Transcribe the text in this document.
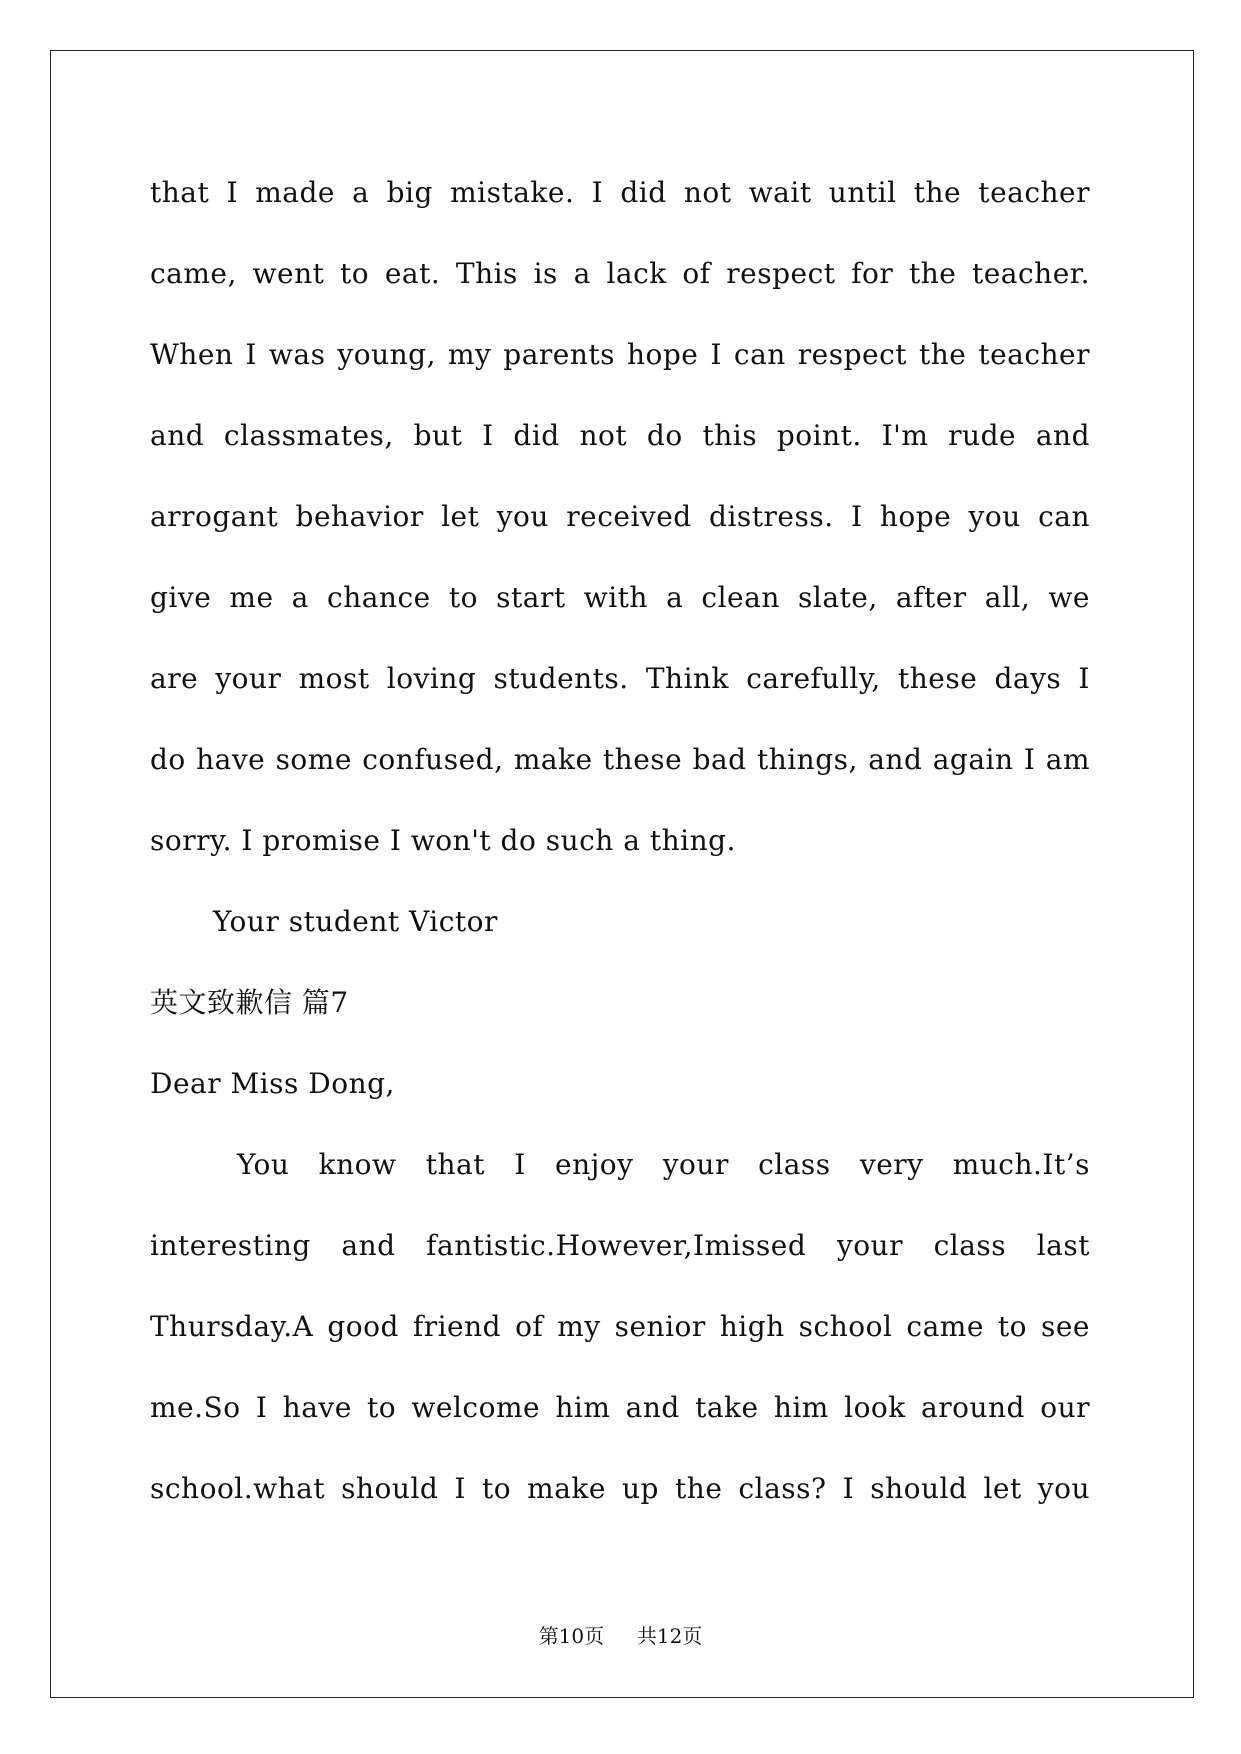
that I made a big mistake. I did not wait until the teacher
came, went to eat. This is a lack of respect for the teacher.
When I was young, my parents hope I can respect the teacher
and classmates, but I did not do this point. I'm rude and
arrogant behavior let you received distress. I hope you can
give me a chance to start with a clean slate, after all, we
are your most loving students. Think carefully, these days I
do have some confused, make these bad things, and again I am
sorry. I promise I won't do such a thing.
Your student Victor
英文致歉信 篇7
Dear Miss Dong,
You know that I enjoy your class very much.It’s
interesting and fantistic.However,Imissed your class last
Thursday.A good friend of my senior high school came to see
me.So I have to welcome him and take him look around our
school.what should I to make up the class? I should let you
第10页 共12页
